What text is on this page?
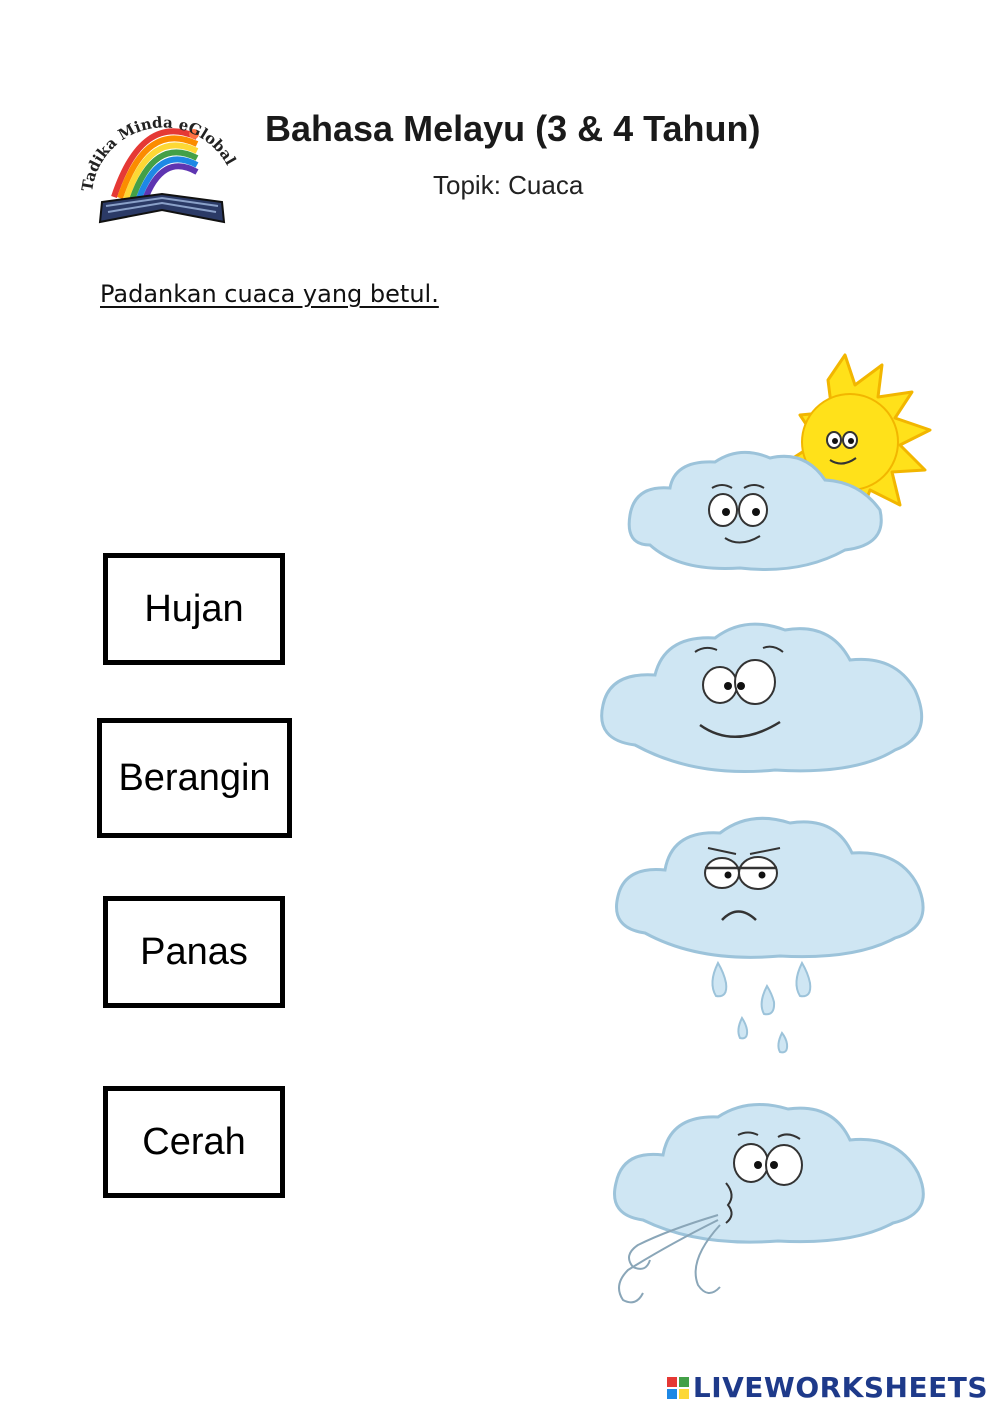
Tadika Minda eGlobal
Bahasa Melayu (3 & 4 Tahun)
Topik: Cuaca
Padankan cuaca yang betul.
Hujan
Berangin
Panas
Cerah
LIVEWORKSHEETS
